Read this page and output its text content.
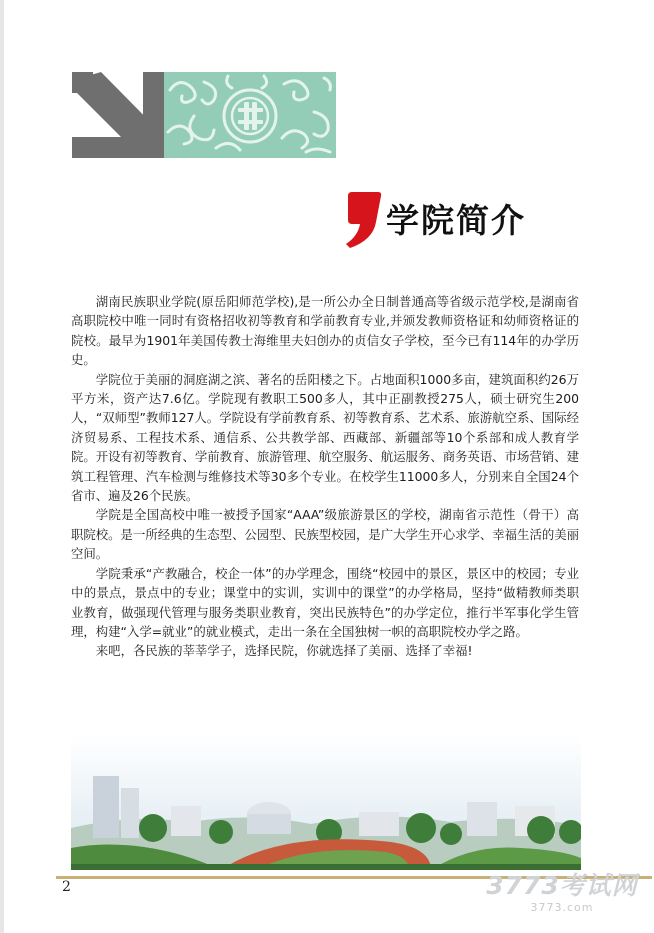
学院简介

湖南民族职业学院(原岳阳师范学校),是一所公办全日制普通高等省级示范学校,是湖南省高职院校中唯一同时有资格招收初等教育和学前教育专业,并颁发教师资格证和幼师资格证的院校。最早为1901年美国传教士海维里夫妇创办的贞信女子学校，至今已有114年的办学历史。

学院位于美丽的洞庭湖之滨、著名的岳阳楼之下。占地面积1000多亩，建筑面积约26万平方米，资产达7.6亿。学院现有教职工500多人，其中正副教授275人，硕士研究生200人，“双师型”教师127人。学院设有学前教育系、初等教育系、艺术系、旅游航空系、国际经济贸易系、工程技术系、通信系、公共教学部、西藏部、新疆部等10个系部和成人教育学院。开设有初等教育、学前教育、旅游管理、航空服务、航运服务、商务英语、市场营销、建筑工程管理、汽车检测与维修技术等30多个专业。在校学生11000多人，分别来自全国24个省市、遍及26个民族。

学院是全国高校中唯一被授予国家“AAA”级旅游景区的学校，湖南省示范性（骨干）高职院校。是一所经典的生态型、公园型、民族型校园，是广大学生开心求学、幸福生活的美丽空间。

学院秉承“产教融合，校企一体”的办学理念，围绕“校园中的景区，景区中的校园；专业中的景点，景点中的专业；课堂中的实训，实训中的课堂”的办学格局，坚持“做精教师类职业教育，做强现代管理与服务类职业教育，突出民族特色”的办学定位，推行半军事化学生管理，构建“入学=就业”的就业模式，走出一条在全国独树一帜的高职院校办学之路。

来吧，各民族的莘莘学子，选择民院，你就选择了美丽、选择了幸福!

2	3773考试网
3773.com
